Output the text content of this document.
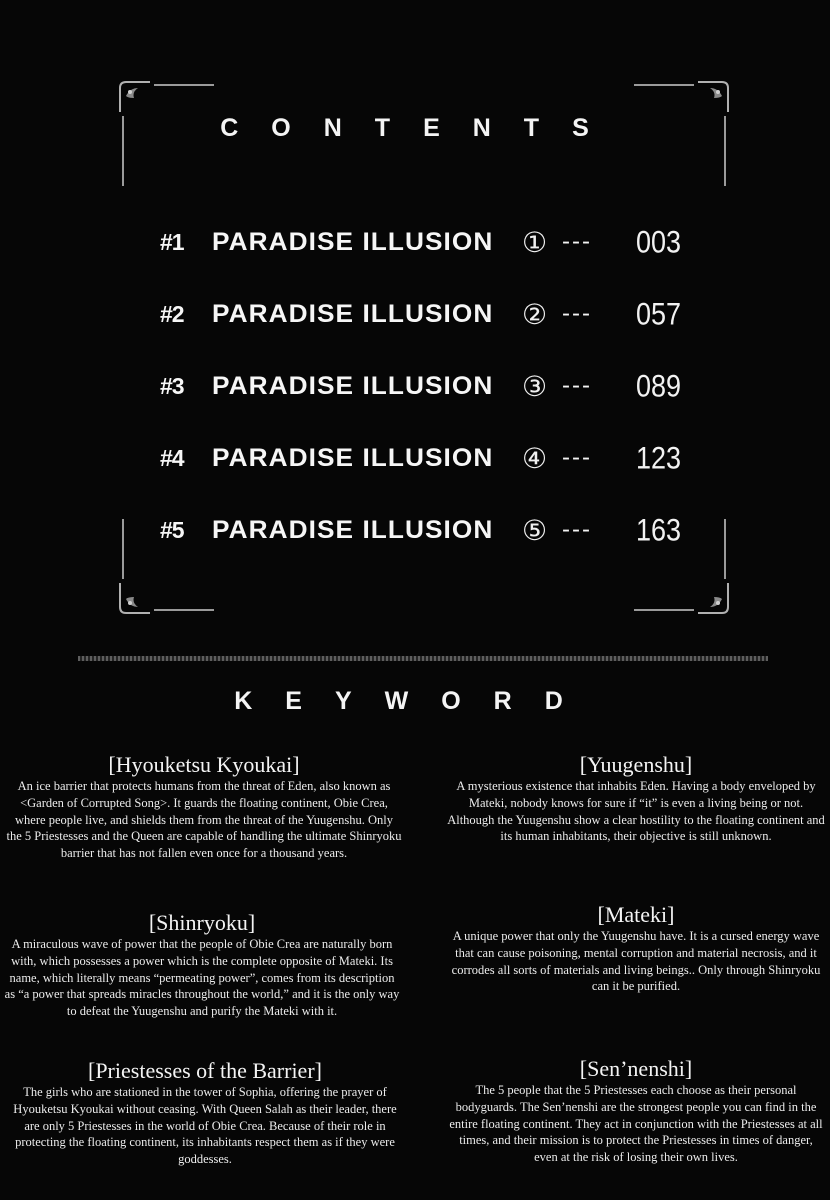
CONTENTS
#1	PARADISE ILLUSION	① ---	003
#2	PARADISE ILLUSION	② ---	057
#3	PARADISE ILLUSION	③ ---	089
#4	PARADISE ILLUSION	④ ---	123
#5	PARADISE ILLUSION	⑤ ---	163
KEYWORD
[Hyouketsu Kyoukai]
An ice barrier that protects humans from the threat of Eden, also known as <Garden of Corrupted Song>. It guards the floating continent, Obie Crea, where people live, and shields them from the threat of the Yuugenshu. Only the 5 Priestesses and the Queen are capable of handling the ultimate Shinryoku barrier that has not fallen even once for a thousand years.
[Yuugenshu]
A mysterious existence that inhabits Eden. Having a body enveloped by Mateki, nobody knows for sure if “it” is even a living being or not. Although the Yuugenshu show a clear hostility to the floating continent and its human inhabitants, their objective is still unknown.
[Shinryoku]
A miraculous wave of power that the people of Obie Crea are naturally born with, which possesses a power which is the complete opposite of Mateki. Its name, which literally means “permeating power”, comes from its description as “a power that spreads miracles throughout the world,” and it is the only way to defeat the Yuugenshu and purify the Mateki with it.
[Mateki]
A unique power that only the Yuugenshu have. It is a cursed energy wave that can cause poisoning, mental corruption and material necrosis, and it corrodes all sorts of materials and living beings.. Only through Shinryoku can it be purified.
[Priestesses of the Barrier]
The girls who are stationed in the tower of Sophia, offering the prayer of Hyouketsu Kyoukai without ceasing. With Queen Salah as their leader, there are only 5 Priestesses in the world of Obie Crea. Because of their role in protecting the floating continent, its inhabitants respect them as if they were goddesses.
[Sen’nenshi]
The 5 people that the 5 Priestesses each choose as their personal bodyguards. The Sen’nenshi are the strongest people you can find in the entire floating continent. They act in conjunction with the Priestesses at all times, and their mission is to protect the Priestesses in times of danger, even at the risk of losing their own lives.
